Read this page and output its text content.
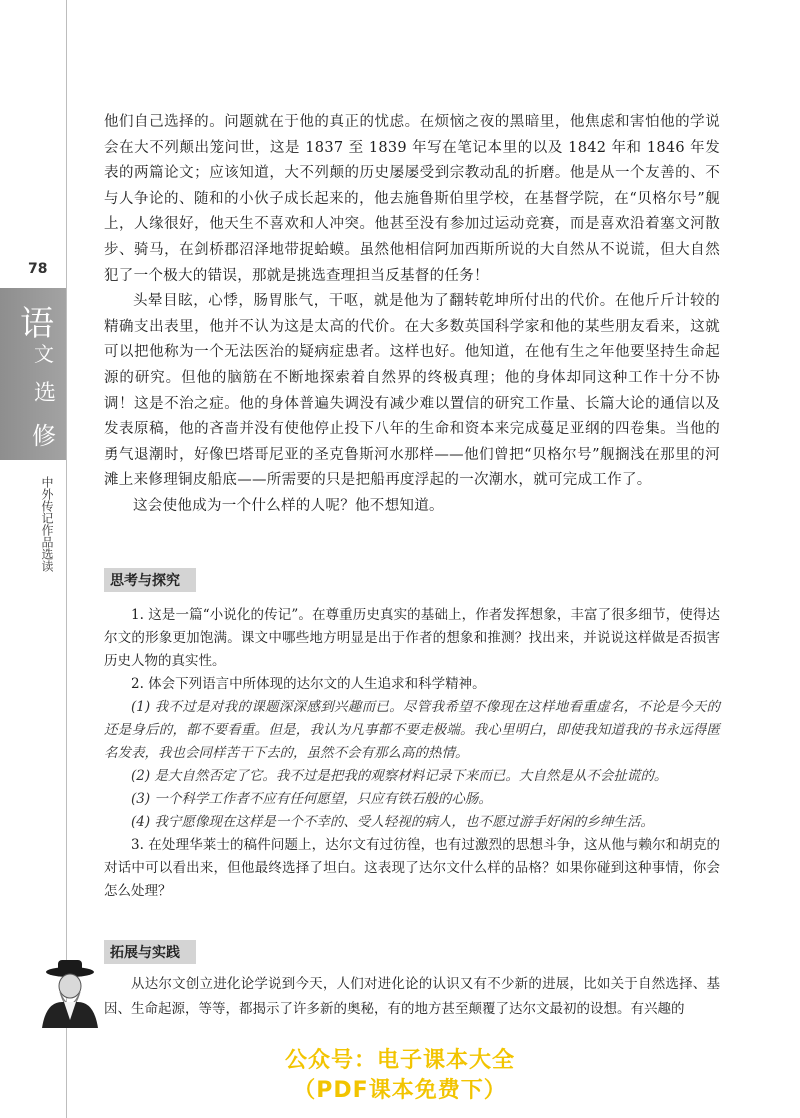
78
语
文
选
修
中外传记作品选读

他们自己选择的。问题就在于他的真正的忧虑。在烦恼之夜的黑暗里，他焦虑和害怕他的学说会在大不列颠出笼问世，这是 1837 至 1839 年写在笔记本里的以及 1842 年和 1846 年发表的两篇论文；应该知道，大不列颠的历史屡屡受到宗教动乱的折磨。他是从一个友善的、不与人争论的、随和的小伙子成长起来的，他去施鲁斯伯里学校，在基督学院，在“贝格尔号”舰上，人缘很好，他天生不喜欢和人冲突。他甚至没有参加过运动竞赛，而是喜欢沿着塞文河散步、骑马，在剑桥郡沼泽地带捉蛤蟆。虽然他相信阿加西斯所说的大自然从不说谎，但大自然犯了一个极大的错误，那就是挑选查理担当反基督的任务！

头晕目眩，心悸，肠胃胀气，干呕，就是他为了翻转乾坤所付出的代价。在他斤斤计较的精确支出表里，他并不认为这是太高的代价。在大多数英国科学家和他的某些朋友看来，这就可以把他称为一个无法医治的疑病症患者。这样也好。他知道，在他有生之年他要坚持生命起源的研究。但他的脑筋在不断地探索着自然界的终极真理；他的身体却同这种工作十分不协调！这是不治之症。他的身体普遍失调没有减少难以置信的研究工作量、长篇大论的通信以及发表原稿，他的吝啬并没有使他停止投下八年的生命和资本来完成蔓足亚纲的四卷集。当他的勇气退潮时，好像巴塔哥尼亚的圣克鲁斯河水那样——他们曾把“贝格尔号”舰搁浅在那里的河滩上来修理铜皮船底——所需要的只是把船再度浮起的一次潮水，就可完成工作了。

这会使他成为一个什么样的人呢？他不想知道。

思考与探究

1. 这是一篇“小说化的传记”。在尊重历史真实的基础上，作者发挥想象，丰富了很多细节，使得达尔文的形象更加饱满。课文中哪些地方明显是出于作者的想象和推测？找出来，并说说这样做是否损害历史人物的真实性。

2. 体会下列语言中所体现的达尔文的人生追求和科学精神。

(1) 我不过是对我的课题深深感到兴趣而已。尽管我希望不像现在这样地看重虚名，不论是今天的还是身后的，都不要看重。但是，我认为凡事都不要走极端。我心里明白，即使我知道我的书永远得匿名发表，我也会同样苦干下去的，虽然不会有那么高的热情。

(2) 是大自然否定了它。我不过是把我的观察材料记录下来而已。大自然是从不会扯谎的。

(3) 一个科学工作者不应有任何愿望，只应有铁石般的心肠。

(4) 我宁愿像现在这样是一个不幸的、受人轻视的病人，也不愿过游手好闲的乡绅生活。

3. 在处理华莱士的稿件问题上，达尔文有过彷徨，也有过激烈的思想斗争，这从他与赖尔和胡克的对话中可以看出来，但他最终选择了坦白。这表现了达尔文什么样的品格？如果你碰到这种事情，你会怎么处理？

拓展与实践

从达尔文创立进化论学说到今天，人们对进化论的认识又有不少新的进展，比如关于自然选择、基因、生命起源，等等，都揭示了许多新的奥秘，有的地方甚至颠覆了达尔文最初的设想。有兴趣的

公众号：电子课本大全
（PDF课本免费下）
